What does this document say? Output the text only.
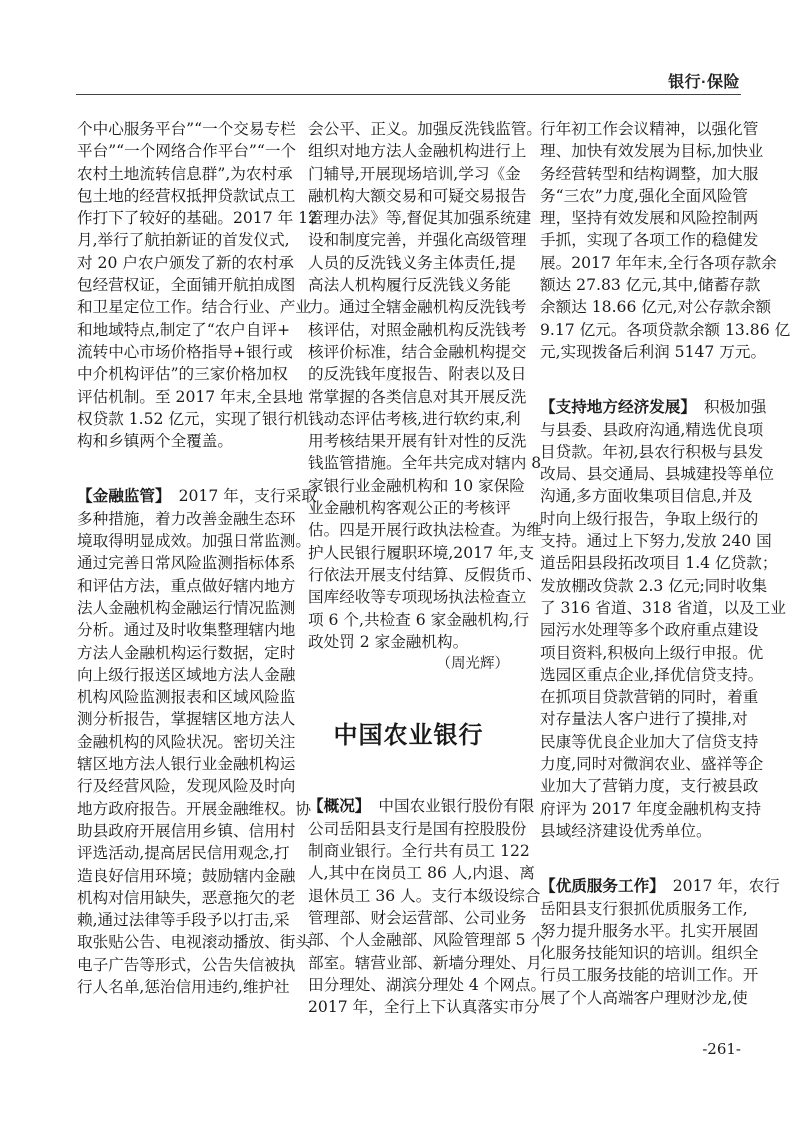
银行·保险
个中心服务平台”“一个交易专栏
平台”“一个网络合作平台”“一个
农村土地流转信息群”,为农村承
包土地的经营权抵押贷款试点工
作打下了较好的基础。2017 年 12
月,举行了航拍新证的首发仪式,
对 20 户农户颁发了新的农村承
包经营权证，全面铺开航拍成图
和卫星定位工作。结合行业、产业
和地域特点,制定了“农户自评+
流转中心市场价格指导+银行或
中介机构评估”的三家价格加权
评估机制。至 2017 年末,全县地
权贷款 1.52 亿元，实现了银行机
构和乡镇两个全覆盖。
【金融监管】 2017 年，支行采取
多种措施，着力改善金融生态环
境取得明显成效。加强日常监测。
通过完善日常风险监测指标体系
和评估方法，重点做好辖内地方
法人金融机构金融运行情况监测
分析。通过及时收集整理辖内地
方法人金融机构运行数据，定时
向上级行报送区域地方法人金融
机构风险监测报表和区域风险监
测分析报告，掌握辖区地方法人
金融机构的风险状况。密切关注
辖区地方法人银行业金融机构运
行及经营风险，发现风险及时向
地方政府报告。开展金融维权。协
助县政府开展信用乡镇、信用村
评选活动,提高居民信用观念,打
造良好信用环境；鼓励辖内金融
机构对信用缺失，恶意拖欠的老
赖,通过法律等手段予以打击,采
取张贴公告、电视滚动播放、街头
电子广告等形式，公告失信被执
行人名单,惩治信用违约,维护社
会公平、正义。加强反洗钱监管。
组织对地方法人金融机构进行上
门辅导,开展现场培训,学习《金
融机构大额交易和可疑交易报告
管理办法》等,督促其加强系统建
设和制度完善，并强化高级管理
人员的反洗钱义务主体责任,提
高法人机构履行反洗钱义务能
力。通过全辖金融机构反洗钱考
核评估，对照金融机构反洗钱考
核评价标准，结合金融机构提交
的反洗钱年度报告、附表以及日
常掌握的各类信息对其开展反洗
钱动态评估考核,进行软约束,利
用考核结果开展有针对性的反洗
钱监管措施。全年共完成对辖内 8
家银行业金融机构和 10 家保险
业金融机构客观公正的考核评
估。四是开展行政执法检查。为维
护人民银行履职环境,2017 年,支
行依法开展支付结算、反假货币、
国库经收等专项现场执法检查立
项 6 个,共检查 6 家金融机构,行
政处罚 2 家金融机构。
（周光辉）
中国农业银行
【概况】 中国农业银行股份有限
公司岳阳县支行是国有控股股份
制商业银行。全行共有员工 122
人,其中在岗员工 86 人,内退、离
退休员工 36 人。支行本级设综合
管理部、财会运营部、公司业务
部、个人金融部、风险管理部 5 个
部室。辖营业部、新墙分理处、月
田分理处、湖滨分理处 4 个网点。
2017 年，全行上下认真落实市分
行年初工作会议精神，以强化管
理、加快有效发展为目标,加快业
务经营转型和结构调整，加大服
务“三农”力度,强化全面风险管
理，坚持有效发展和风险控制两
手抓，实现了各项工作的稳健发
展。2017 年年末,全行各项存款余
额达 27.83 亿元,其中,储蓄存款
余额达 18.66 亿元,对公存款余额
9.17 亿元。各项贷款余额 13.86 亿
元,实现拨备后利润 5147 万元。
【支持地方经济发展】 积极加强
与县委、县政府沟通,精选优良项
目贷款。年初,县农行积极与县发
改局、县交通局、县城建投等单位
沟通,多方面收集项目信息,并及
时向上级行报告，争取上级行的
支持。通过上下努力,发放 240 国
道岳阳县段拓改项目 1.4 亿贷款；
发放棚改贷款 2.3 亿元;同时收集
了 316 省道、318 省道，以及工业
园污水处理等多个政府重点建设
项目资料,积极向上级行申报。优
选园区重点企业,择优信贷支持。
在抓项目贷款营销的同时，着重
对存量法人客户进行了摸排,对
民康等优良企业加大了信贷支持
力度,同时对微润农业、盛祥等企
业加大了营销力度，支行被县政
府评为 2017 年度金融机构支持
县域经济建设优秀单位。
【优质服务工作】 2017 年，农行
岳阳县支行狠抓优质服务工作,
努力提升服务水平。扎实开展固
化服务技能知识的培训。组织全
行员工服务技能的培训工作。开
展了个人高端客户理财沙龙,使
-261-
